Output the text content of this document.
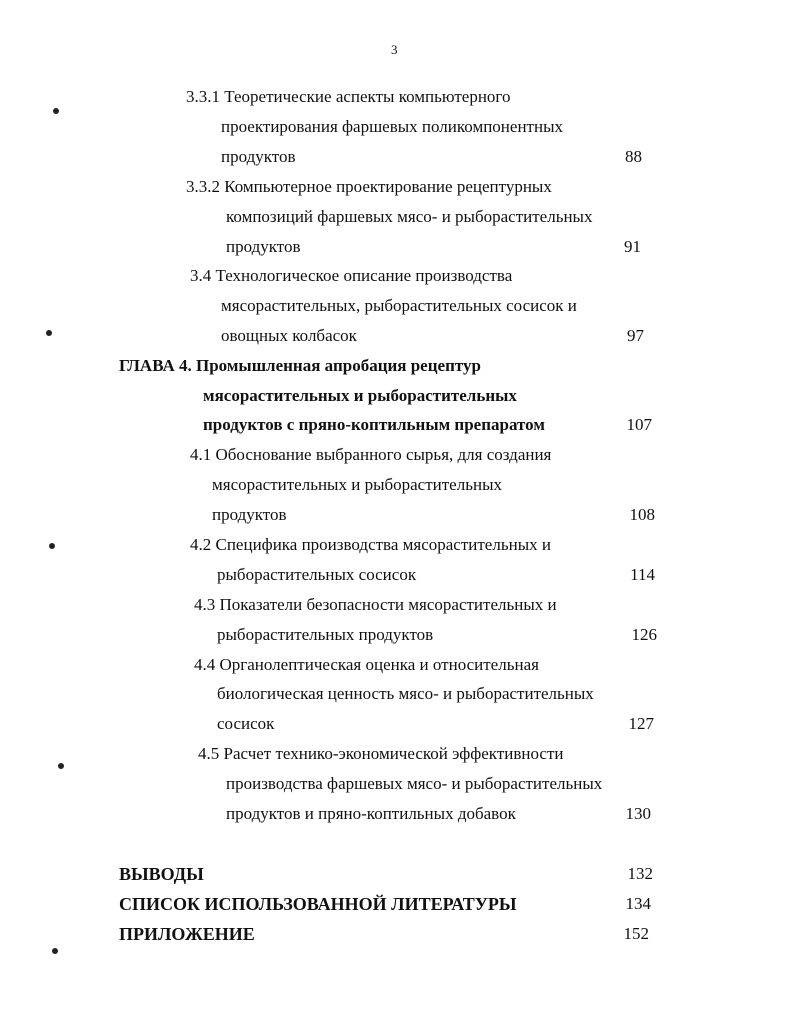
3
3.3.1 Теоретические аспекты компьютерного
проектирования фаршевых поликомпонентных
продуктов	88
3.3.2 Компьютерное проектирование рецептурных
композиций фаршевых мясо- и рыборастительных
продуктов	91
3.4 Технологическое описание производства
мясорастительных, рыборастительных сосисок и
овощных колбасок	97
ГЛАВА 4. Промышленная апробация рецептур
мясорастительных и рыборастительных
продуктов с пряно-коптильным препаратом	107
4.1 Обоснование выбранного сырья, для создания
мясорастительных и рыборастительных
продуктов	108
4.2 Специфика производства мясорастительных и
рыборастительных сосисок	114
4.3 Показатели безопасности мясорастительных и
рыборастительных продуктов	126
4.4 Органолептическая оценка и относительная
биологическая ценность мясо- и рыборастительных
сосисок	127
4.5 Расчет технико-экономической эффективности
производства фаршевых мясо- и рыборастительных
продуктов и пряно-коптильных добавок	130
ВЫВОДЫ	132
СПИСОК ИСПОЛЬЗОВАННОЙ ЛИТЕРАТУРЫ	134
ПРИЛОЖЕНИЕ	152
